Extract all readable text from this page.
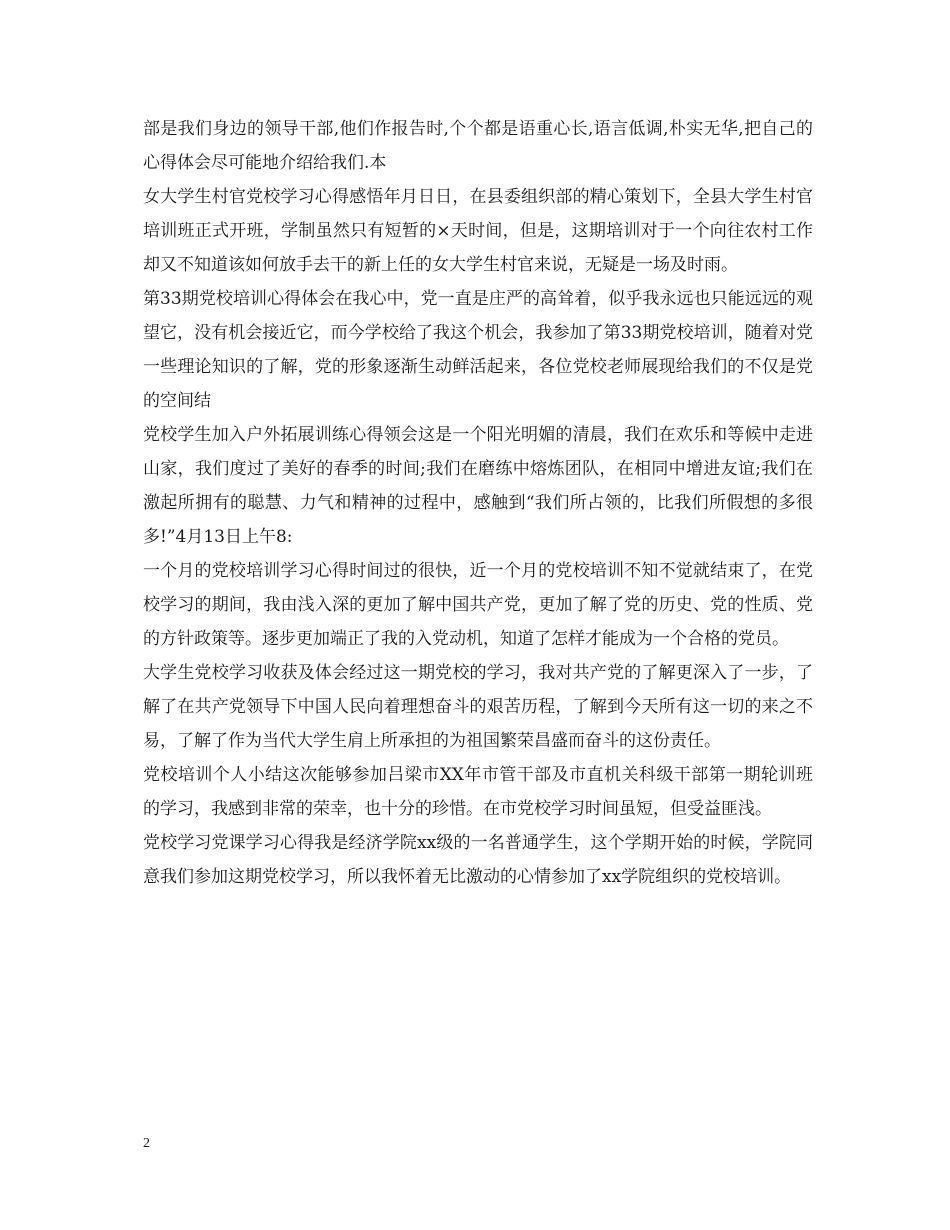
部是我们身边的领导干部,他们作报告时,个个都是语重心长,语言低调,朴实无华,把自己的心得体会尽可能地介绍给我们.本

女大学生村官党校学习心得感悟年月日日，在县委组织部的精心策划下，全县大学生村官培训班正式开班，学制虽然只有短暂的×天时间，但是，这期培训对于一个向往农村工作却又不知道该如何放手去干的新上任的女大学生村官来说，无疑是一场及时雨。

第33期党校培训心得体会在我心中，党一直是庄严的高耸着，似乎我永远也只能远远的观望它，没有机会接近它，而今学校给了我这个机会，我参加了第33期党校培训，随着对党一些理论知识的了解，党的形象逐渐生动鲜活起来，各位党校老师展现给我们的不仅是党的空间结

党校学生加入户外拓展训练心得领会这是一个阳光明媚的清晨，我们在欢乐和等候中走进山家，我们度过了美好的春季的时间;我们在磨练中熔炼团队，在相同中增进友谊;我们在激起所拥有的聪慧、力气和精神的过程中，感触到“我们所占领的，比我们所假想的多很多!”4月13日上午8:

一个月的党校培训学习心得时间过的很快，近一个月的党校培训不知不觉就结束了，在党校学习的期间，我由浅入深的更加了解中国共产党，更加了解了党的历史、党的性质、党的方针政策等。逐步更加端正了我的入党动机，知道了怎样才能成为一个合格的党员。

大学生党校学习收获及体会经过这一期党校的学习，我对共产党的了解更深入了一步，了解了在共产党领导下中国人民向着理想奋斗的艰苦历程，了解到今天所有这一切的来之不易，了解了作为当代大学生肩上所承担的为祖国繁荣昌盛而奋斗的这份责任。

党校培训个人小结这次能够参加吕梁市XX年市管干部及市直机关科级干部第一期轮训班的学习，我感到非常的荣幸，也十分的珍惜。在市党校学习时间虽短，但受益匪浅。

党校学习党课学习心得我是经济学院xx级的一名普通学生，这个学期开始的时候，学院同意我们参加这期党校学习，所以我怀着无比激动的心情参加了xx学院组织的党校培训。

2
